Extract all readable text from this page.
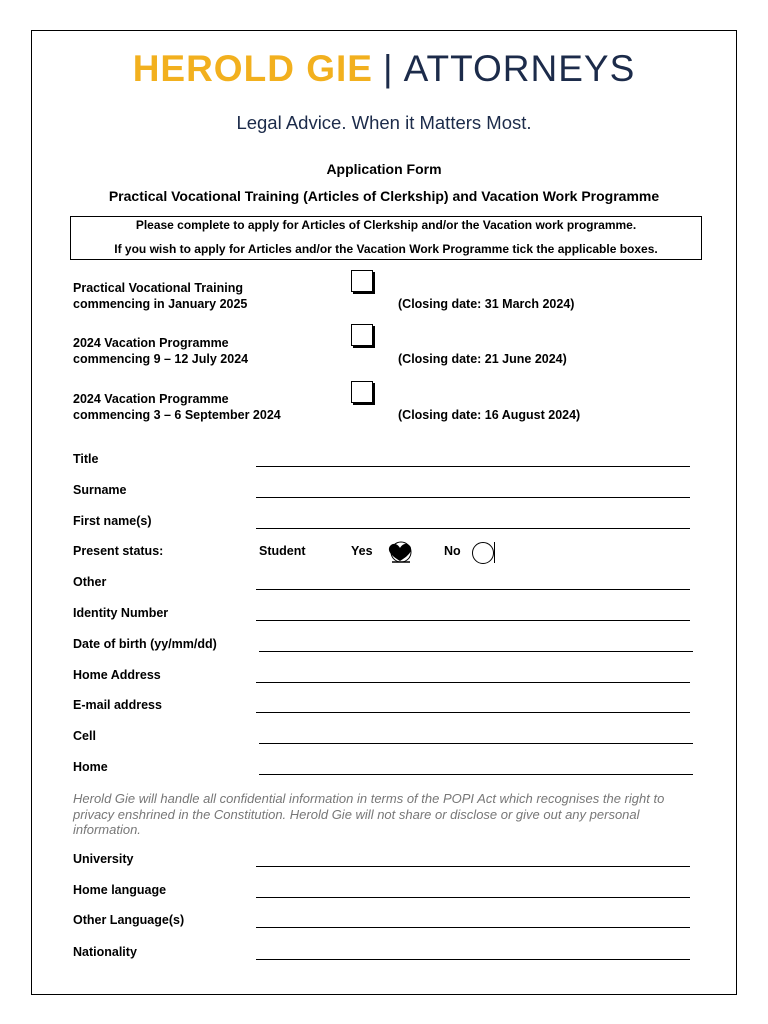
HEROLD GIE | ATTORNEYS
Legal Advice. When it Matters Most.
Application Form
Practical Vocational Training (Articles of Clerkship) and Vacation Work Programme
Please complete to apply for Articles of Clerkship and/or the Vacation work programme.
If you wish to apply for Articles and/or the Vacation Work Programme tick the applicable boxes.
Practical Vocational Training
commencing in January 2025	(Closing date: 31 March 2024)
2024 Vacation Programme
commencing 9 – 12 July 2024	(Closing date: 21 June 2024)
2024 Vacation Programme
commencing 3 – 6 September 2024	(Closing date: 16 August 2024)
Title
Surname
First name(s)
Present status:	Student	Yes	No
Other
Identity Number
Date of birth (yy/mm/dd)
Home Address
E-mail address
Cell
Home
Herold Gie will handle all confidential information in terms of the POPI Act which recognises the right to privacy enshrined in the Constitution. Herold Gie will not share or disclose or give out any personal information.
University
Home language
Other Language(s)
Nationality
